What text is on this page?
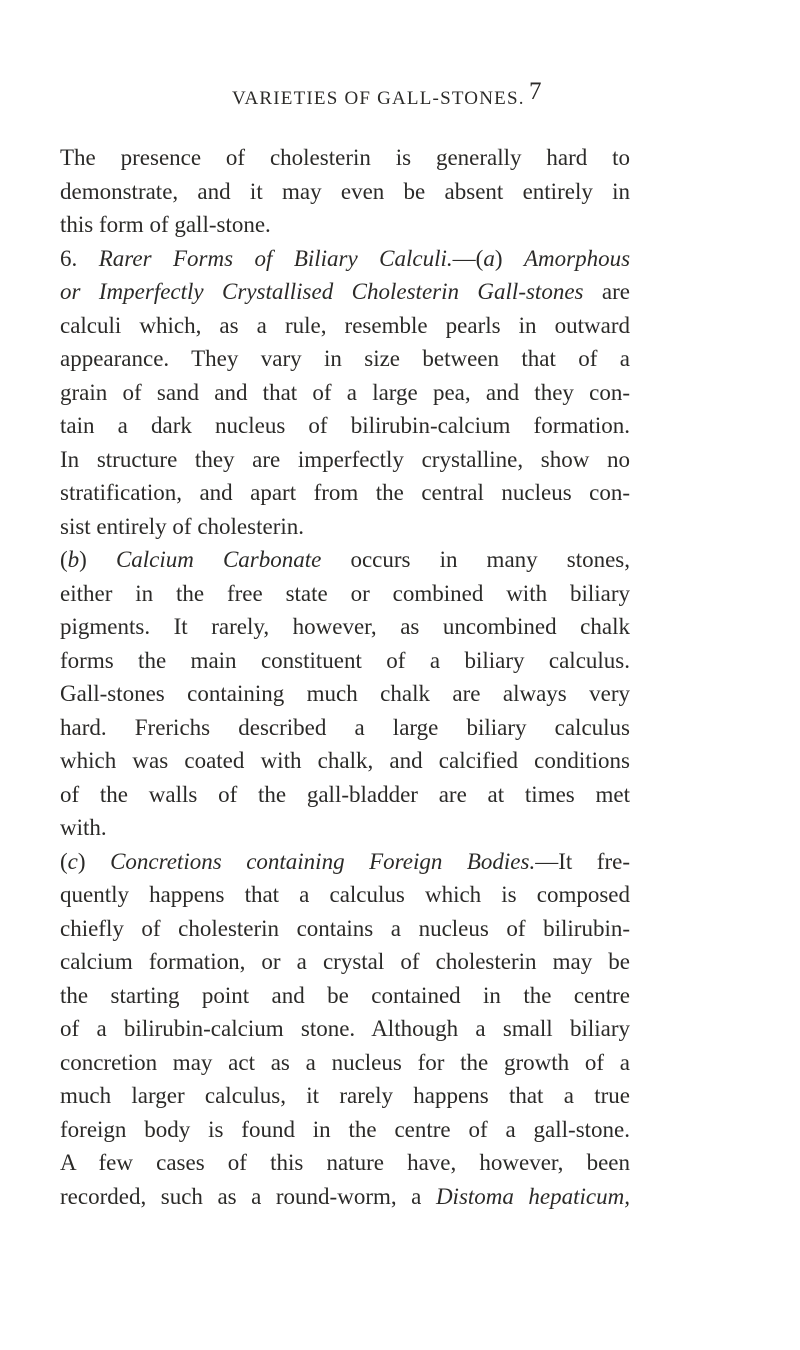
VARIETIES OF GALL-STONES. 7
The presence of cholesterin is generally hard to
demonstrate, and it may even be absent entirely in
this form of gall-stone.
6. Rarer Forms of Biliary Calculi.—(a) Amorphous
or Imperfectly Crystallised Cholesterin Gall-stones are
calculi which, as a rule, resemble pearls in outward
appearance. They vary in size between that of a
grain of sand and that of a large pea, and they con-
tain a dark nucleus of bilirubin-calcium formation.
In structure they are imperfectly crystalline, show no
stratification, and apart from the central nucleus con-
sist entirely of cholesterin.
(b) Calcium Carbonate occurs in many stones,
either in the free state or combined with biliary
pigments. It rarely, however, as uncombined chalk
forms the main constituent of a biliary calculus.
Gall-stones containing much chalk are always very
hard. Frerichs described a large biliary calculus
which was coated with chalk, and calcified conditions
of the walls of the gall-bladder are at times met
with.
(c) Concretions containing Foreign Bodies.—It fre-
quently happens that a calculus which is composed
chiefly of cholesterin contains a nucleus of bilirubin-
calcium formation, or a crystal of cholesterin may be
the starting point and be contained in the centre
of a bilirubin-calcium stone. Although a small biliary
concretion may act as a nucleus for the growth of a
much larger calculus, it rarely happens that a true
foreign body is found in the centre of a gall-stone.
A few cases of this nature have, however, been
recorded, such as a round-worm, a Distoma hepaticum,
